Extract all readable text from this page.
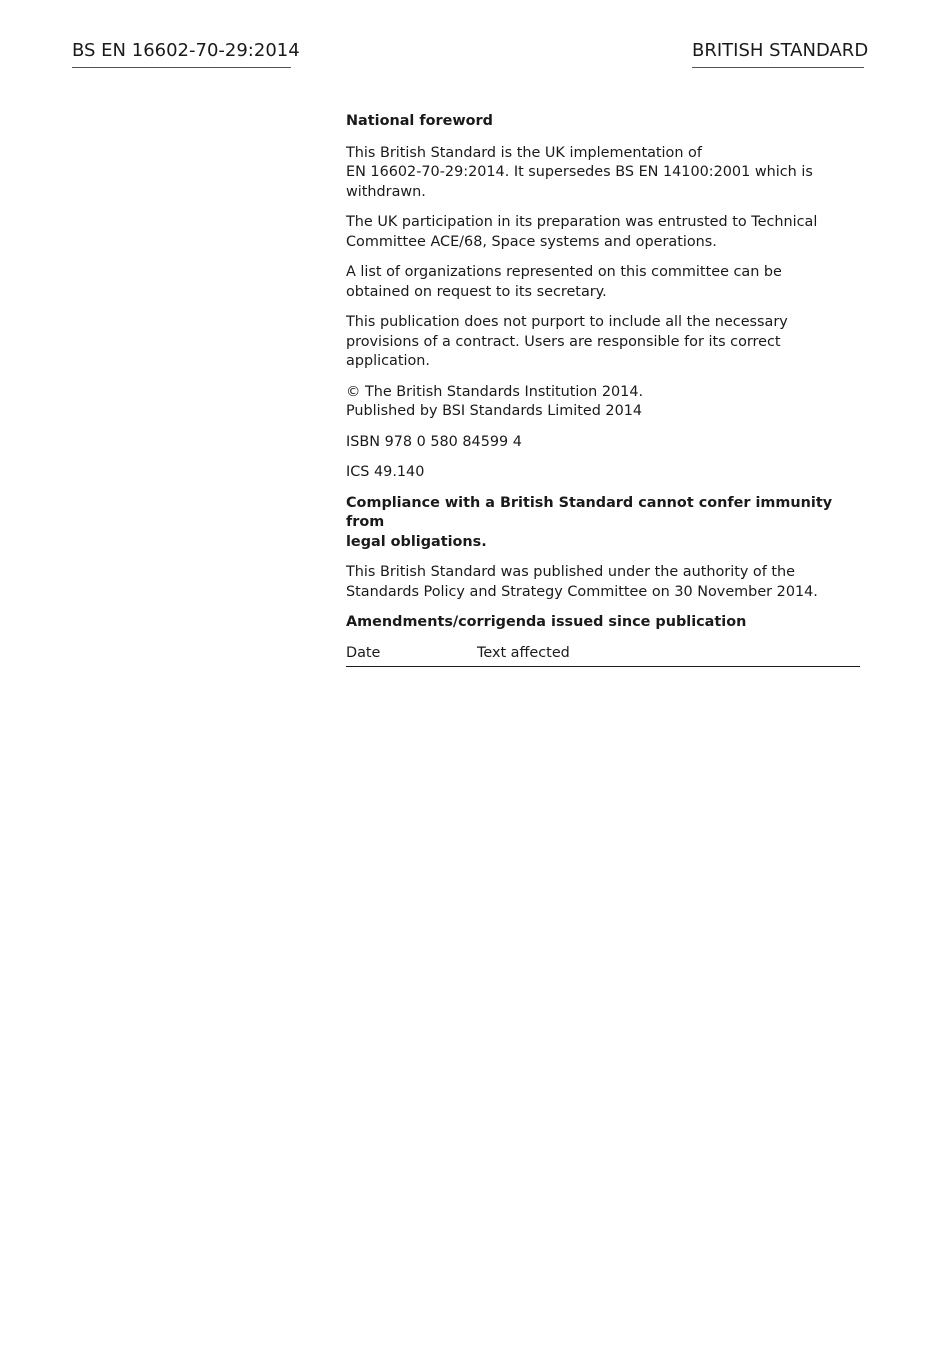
BS EN 16602-70-29:2014	BRITISH STANDARD

National foreword

This British Standard is the UK implementation of
EN 16602-70-29:2014. It supersedes BS EN 14100:2001 which is
withdrawn.

The UK participation in its preparation was entrusted to Technical
Committee ACE/68, Space systems and operations.

A list of organizations represented on this committee can be
obtained on request to its secretary.

This publication does not purport to include all the necessary
provisions of a contract. Users are responsible for its correct
application.

© The British Standards Institution 2014.
Published by BSI Standards Limited 2014

ISBN 978 0 580 84599 4

ICS 49.140

Compliance with a British Standard cannot confer immunity from
legal obligations.

This British Standard was published under the authority of the
Standards Policy and Strategy Committee on 30 November 2014.

Amendments/corrigenda issued since publication

Date	Text affected
